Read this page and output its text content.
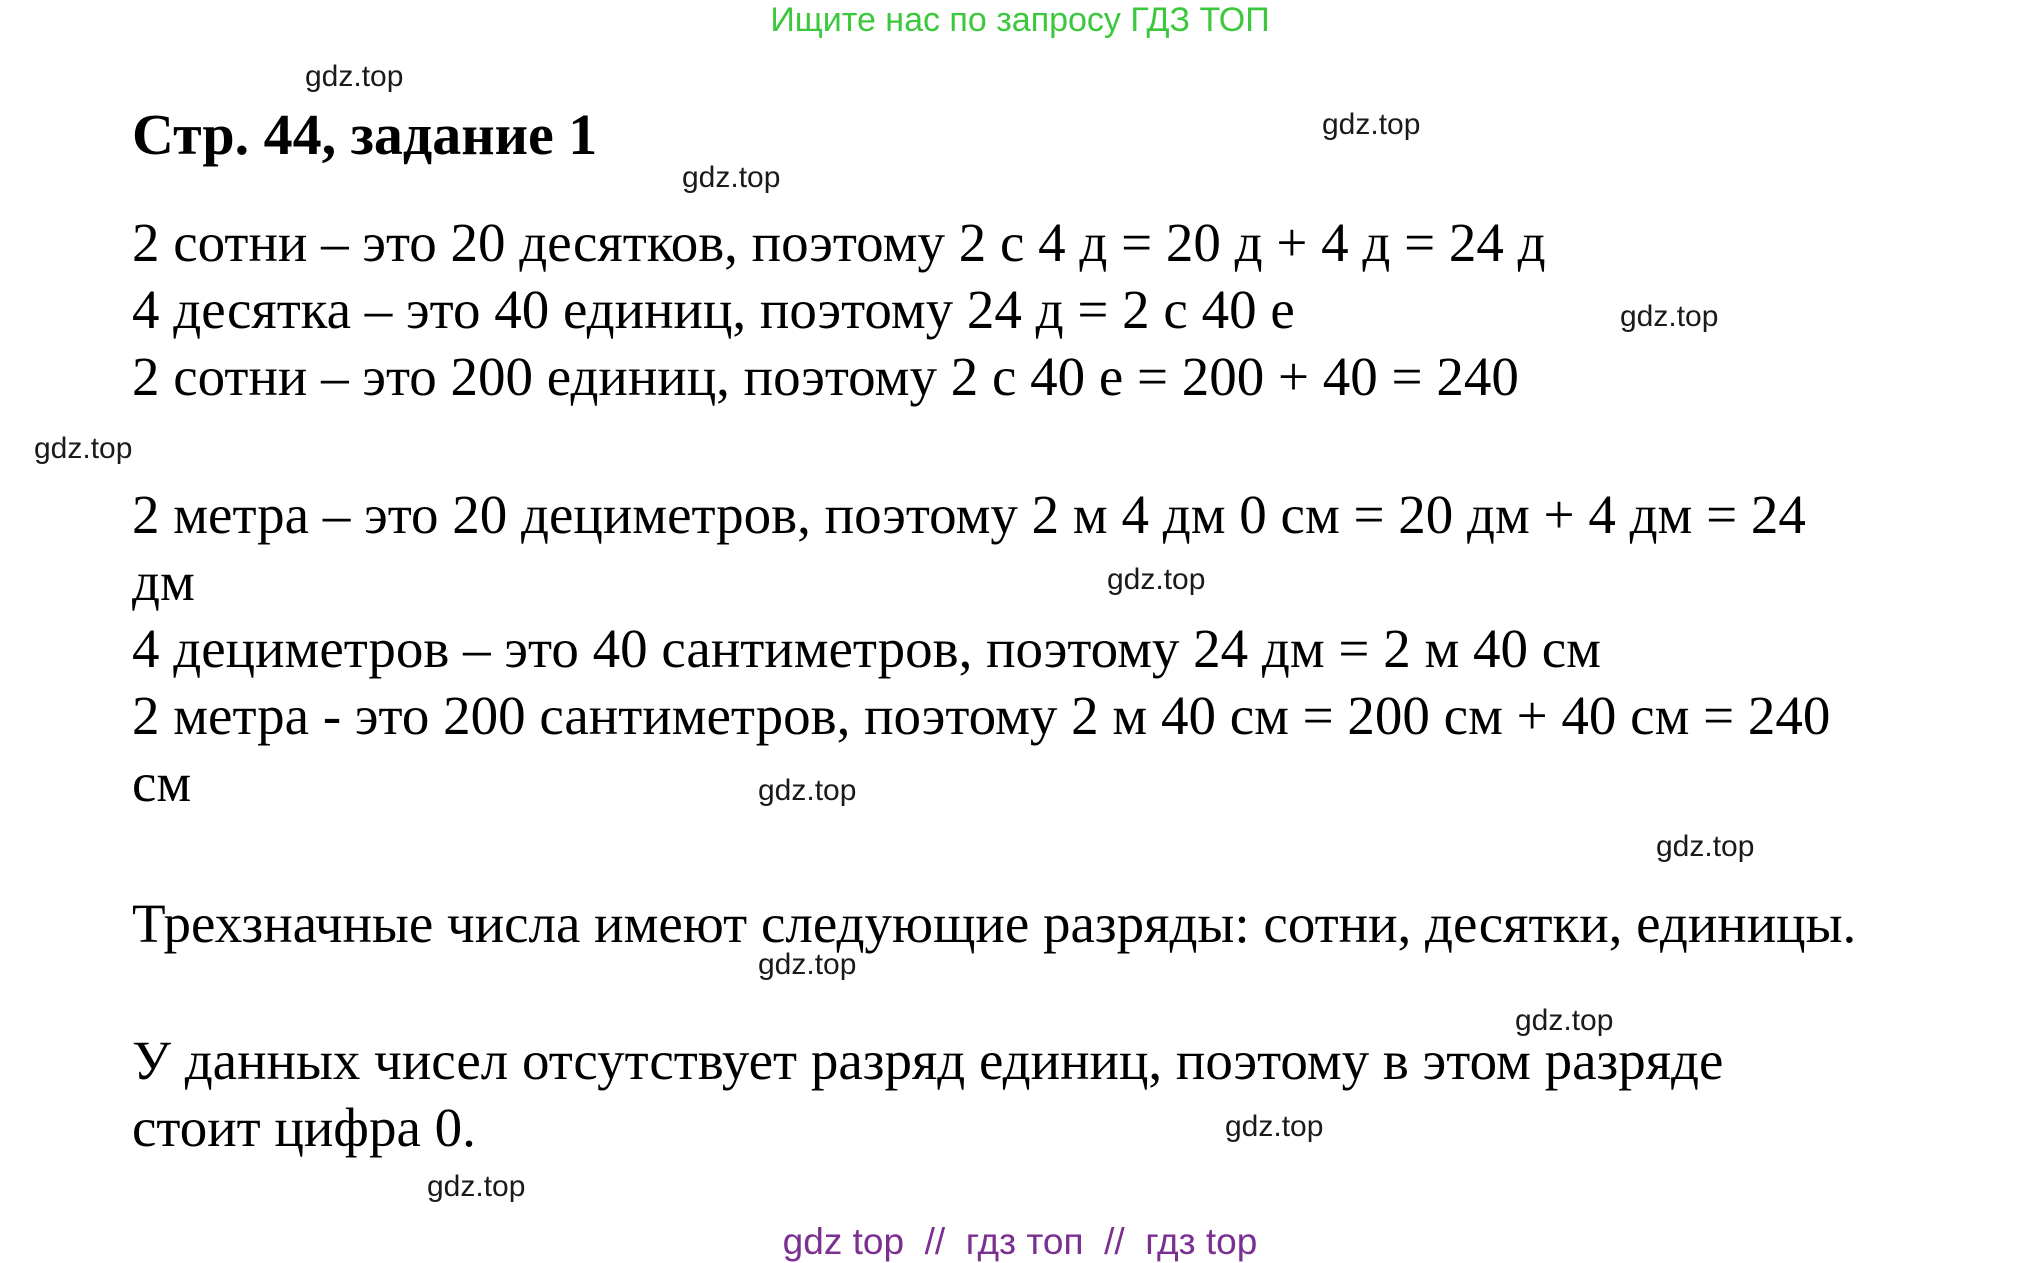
Ищите нас по запросу ГДЗ ТОП
Стр. 44, задание 1
2 сотни – это 20 десятков, поэтому 2 с 4 д = 20 д + 4 д = 24 д
4 десятка – это 40 единиц, поэтому 24 д = 2 с 40 е
2 сотни – это 200 единиц, поэтому 2 с 40 е = 200 + 40 = 240
2 метра – это 20 дециметров, поэтому 2 м 4 дм 0 см = 20 дм + 4 дм = 24
дм
4 дециметров – это 40 сантиметров, поэтому 24 дм = 2 м 40 см
2 метра - это 200 сантиметров, поэтому 2 м 40 см = 200 см + 40 см = 240
см
Трехзначные числа имеют следующие разряды: сотни, десятки, единицы.
У данных чисел отсутствует разряд единиц, поэтому в этом разряде
стоит цифра 0.
gdz.top
gdz.top
gdz.top
gdz.top
gdz.top
gdz.top
gdz.top
gdz.top
gdz.top
gdz.top
gdz.top
gdz.top
gdz top  //  гдз топ  //  гдз top
